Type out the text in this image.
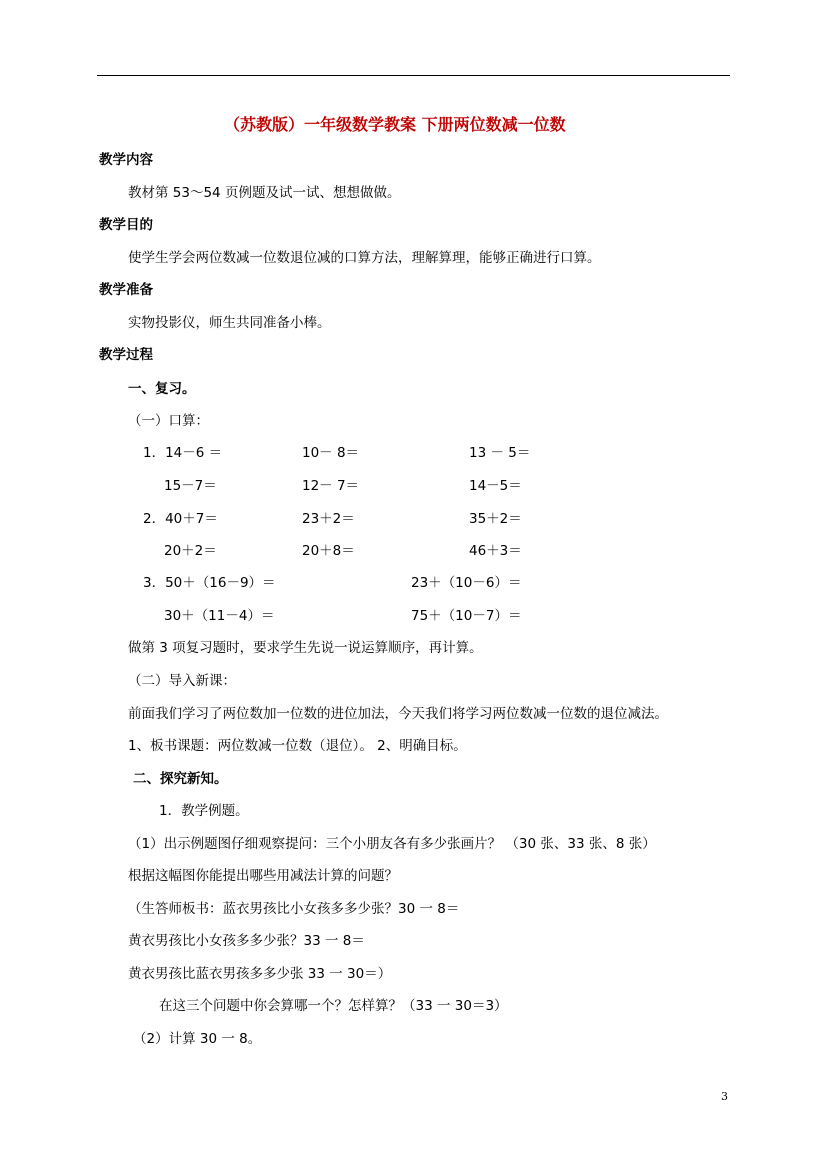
（苏教版）一年级数学教案 下册两位数减一位数
教学内容
教材第 53～54 页例题及试一试、想想做做。
教学目的
使学生学会两位数减一位数退位减的口算方法，理解算理，能够正确进行口算。
教学准备
实物投影仪，师生共同准备小棒。
教学过程
一、复习。
（一）口算：
1．14－6 ＝	10－ 8＝	13 － 5＝
15－7＝	12－ 7＝	14－5＝
2．40＋7＝	23＋2＝	35＋2＝
20＋2＝	20＋8＝	46＋3＝
3．50＋（16－9）＝	23＋（10－6）＝
30＋（11－4）＝	75＋（10－7）＝
做第 3 项复习题时，要求学生先说一说运算顺序，再计算。
（二）导入新课：
前面我们学习了两位数加一位数的进位加法，今天我们将学习两位数减一位数的退位减法。
1、板书课题：两位数减一位数（退位）。 2、明确目标。
二、探究新知。
1．教学例题。
（1）出示例题图仔细观察提问：三个小朋友各有多少张画片？ （30 张、33 张、8 张）
根据这幅图你能提出哪些用减法计算的问题？
（生答师板书：蓝衣男孩比小女孩多多少张？30 一 8＝
黄衣男孩比小女孩多多少张？33 一 8＝
黄衣男孩比蓝衣男孩多多少张 33 一 30＝）
在这三个问题中你会算哪一个？怎样算？（33 一 30＝3）
（2）计算 30 一 8。
3
